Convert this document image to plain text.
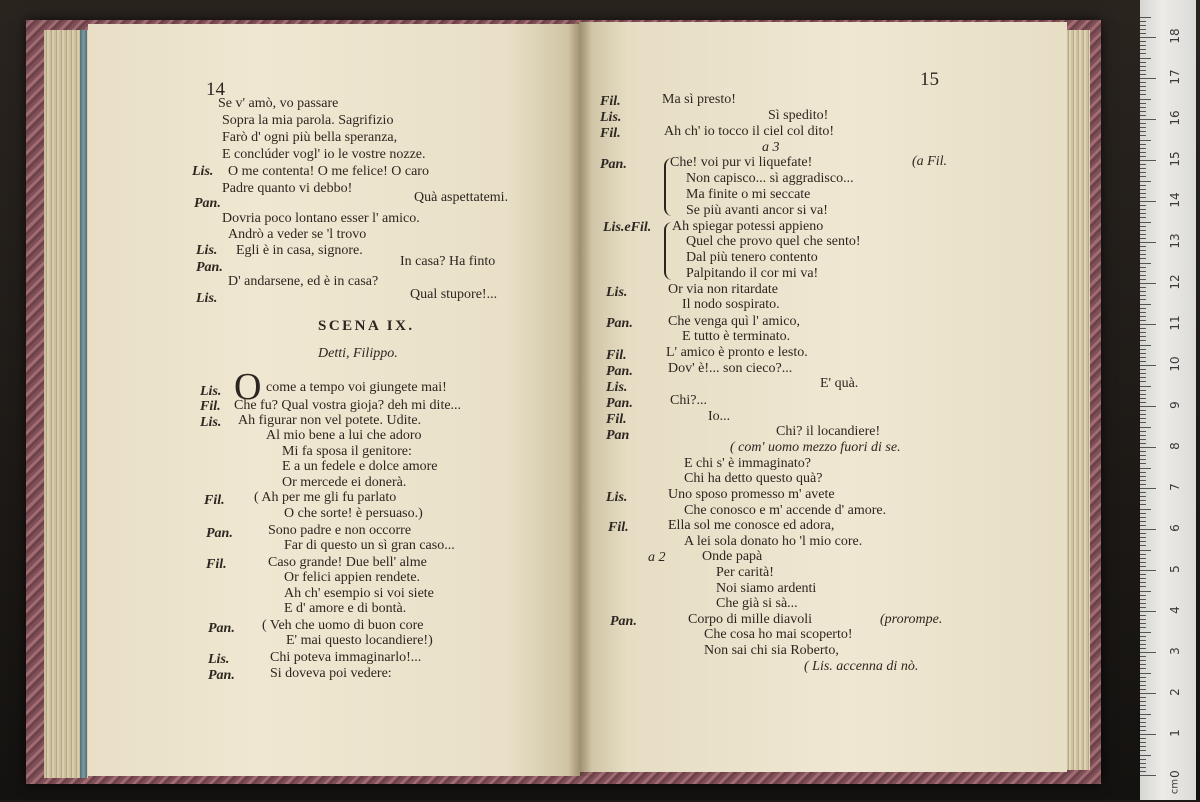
0
1
2
3
4
5
6
7
8
9
10
11
12
13
14
15
16
17
18
cm
14
Se v' amò, vo passare
Sopra la mia parola. Sagrifizio
Farò d' ogni più bella speranza,
E conclúder vogl' io le vostre nozze.
Lis. O me contenta! O me felice! O caro
Padre quanto vi debbo!
Pan.	Quà aspettatemi.
Dovria poco lontano esser l' amico.
Andrò a veder se 'l trovo
Lis. Egli è in casa, signore.
Pan.	In casa? Ha finto
D' andarsene, ed è in casa?
Lis.	Qual stupore!...
SCENA IX.
Detti, Filippo.
O
Lis.	come a tempo voi giungete mai!
Fil. Che fu? Qual vostra gioja? deh mi dite...
Lis. Ah figurar non vel potete. Udite.
Al mio bene a lui che adoro
Mi fa sposa il genitore:
E a un fedele e dolce amore
Or mercede ei donerà.
Fil. ( Ah per me gli fu parlato
O che sorte! è persuaso.)
Pan.	Sono padre e non occorre
Far di questo un sì gran caso...
Fil.	Caso grande! Due bell' alme
Or felici appien rendete.
Ah ch' esempio si voi siete
E d' amore e di bontà.
Pan. ( Veh che uomo di buon core
E' mai questo locandiere!)
Lis.	Chi poteva immaginarlo!...
Pan.	Si doveva poi vedere:
15
Fil.	Ma sì presto!
Lis.	Sì spedito!
Fil.	Ah ch' io tocco il ciel col dito!
a 3
Pan.	Che! voi pur vi liquefate!	(a Fil.
Non capisco... sì aggradisco...
Ma finite o mi seccate
Se più avanti ancor si va!
Lis.eFil. Ah spiegar potessi appieno
Quel che provo quel che sento!
Dal più tenero contento
Palpitando il cor mi va!
Lis.	Or via non ritardate
Il nodo sospirato.
Pan.	Che venga quì l' amico,
E tutto è terminato.
Fil.	L' amico è pronto e lesto.
Pan.	Dov' è!... son cieco?...
Lis.	E' quà.
Pan.	Chi?...
Fil.	Io...
Pan	Chi? il locandiere!
( com' uomo mezzo fuori di se.
E chi s' è immaginato?
Chi ha detto questo quà?
Lis.	Uno sposo promesso m' avete
Che conosco e m' accende d' amore.
Fil.	Ella sol me conosce ed adora,
A lei sola donato ho 'l mio core.
a 2	Onde papà
Per carità!
Noi siamo ardenti
Che già si sà...
Pan.	Corpo di mille diavoli	(prorompe.
Che cosa ho mai scoperto!
Non sai chi sia Roberto,
( Lis. accenna di nò.
